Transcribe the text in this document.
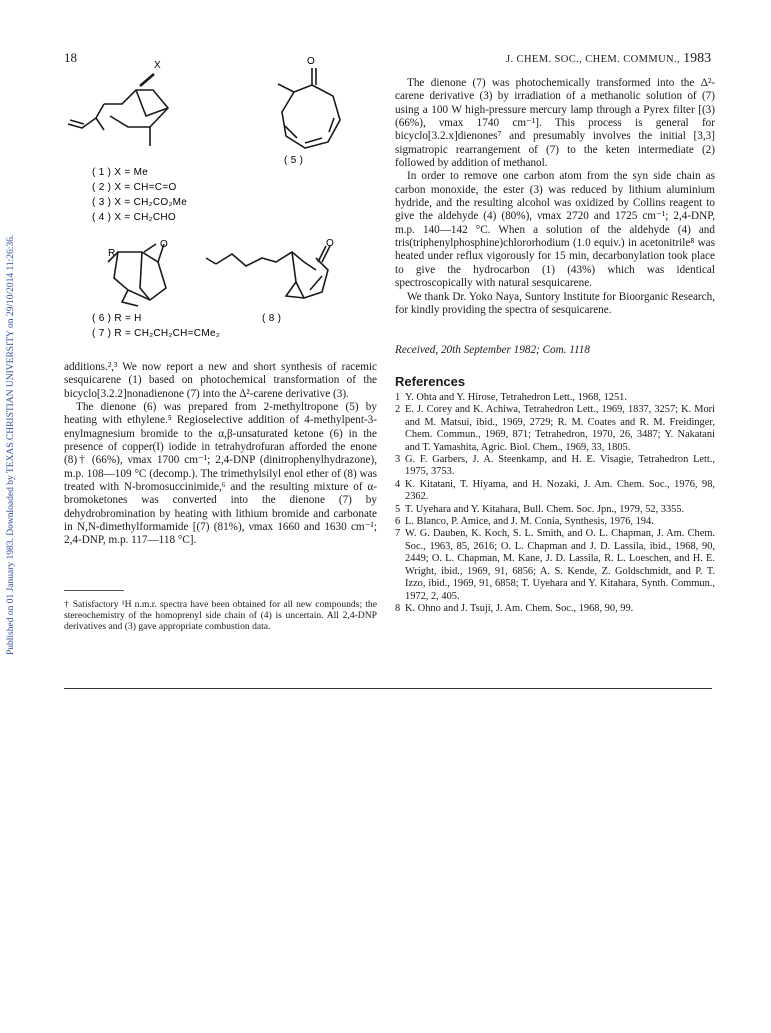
Published on 01 January 1983. Downloaded by TEXAS CHRISTIAN UNIVERSITY on 29/10/2014 11:26:36.
18	J. CHEM. SOC., CHEM. COMMUN., 1983
X	O
R
O	O
( 5 )
( 1 ) X = Me
( 2 ) X = CH=C=O
( 3 ) X = CH₂CO₂Me
( 4 ) X = CH₂CHO
( 6 ) R = H
( 7 ) R = CH₂CH₂CH=CMe₂
( 8 )

additions.²,³ We now report a new and short synthesis of racemic sesquicarene (1) based on photochemical transformation of the bicyclo[3.2.2]nonadienone (7) into the Δ²-carene derivative (3).

The dienone (6) was prepared from 2-methyltropone (5) by heating with ethylene.⁵ Regioselective addition of 4-methylpent-3-enylmagnesium bromide to the α,β-unsaturated ketone (6) in the presence of copper(I) iodide in tetrahydrofuran afforded the enone (8)† (66%), νmax 1700 cm⁻¹; 2,4-DNP (dinitrophenylhydrazone), m.p. 108—109 °C (decomp.). The trimethylsilyl enol ether of (8) was treated with N-bromosuccinimide,⁶ and the resulting mixture of α-bromoketones was converted into the dienone (7) by dehydrobromination by heating with lithium bromide and carbonate in N,N-dimethylformamide [(7) (81%), νmax 1660 and 1630 cm⁻¹; 2,4-DNP, m.p. 117—118 °C].

† Satisfactory ¹H n.m.r. spectra have been obtained for all new compounds; the stereochemistry of the homoprenyl side chain of (4) is uncertain. All 2,4-DNP derivatives and (3) gave appropriate combustion data.

The dienone (7) was photochemically transformed into the Δ²-carene derivative (3) by irradiation of a methanolic solution of (7) using a 100 W high-pressure mercury lamp through a Pyrex filter [(3) (66%), νmax 1740 cm⁻¹]. This process is general for bicyclo[3.2.x]dienones⁷ and presumably involves the initial [3,3] sigmatropic rearrangement of (7) to the keten intermediate (2) followed by addition of methanol.

In order to remove one carbon atom from the syn side chain as carbon monoxide, the ester (3) was reduced by lithium aluminium hydride, and the resulting alcohol was oxidized by Collins reagent to give the aldehyde (4) (80%), νmax 2720 and 1725 cm⁻¹; 2,4-DNP, m.p. 140—142 °C. When a solution of the aldehyde (4) and tris(triphenylphosphine)chlororhodium (1.0 equiv.) in acetonitrile⁸ was heated under reflux vigorously for 15 min, decarbonylation took place to give the hydrocarbon (1) (43%) which was identical spectroscopically with natural sesquicarene.

We thank Dr. Yoko Naya, Suntory Institute for Bioorganic Research, for kindly providing the spectra of sesquicarene.

Received, 20th September 1982; Com. 1118
References
1 Y. Ohta and Y. Hirose, Tetrahedron Lett., 1968, 1251.
2 E. J. Corey and K. Achiwa, Tetrahedron Lett., 1969, 1837, 3257; K. Mori and M. Matsui, ibid., 1969, 2729; R. M. Coates and R. M. Freidinger, Chem. Commun., 1969, 871; Tetrahedron, 1970, 26, 3487; Y. Nakatani and T. Yamashita, Agric. Biol. Chem., 1969, 33, 1805.
3 G. F. Garbers, J. A. Steenkamp, and H. E. Visagie, Tetrahedron Lett., 1975, 3753.
4 K. Kitatani, T. Hiyama, and H. Nozaki, J. Am. Chem. Soc., 1976, 98, 2362.
5 T. Uyehara and Y. Kitahara, Bull. Chem. Soc. Jpn., 1979, 52, 3355.
6 L. Blanco, P. Amice, and J. M. Conia, Synthesis, 1976, 194.
7 W. G. Dauben, K. Koch, S. L. Smith, and O. L. Chapman, J. Am. Chem. Soc., 1963, 85, 2616; O. L. Chapman and J. D. Lassila, ibid., 1968, 90, 2449; O. L. Chapman, M. Kane, J. D. Lassila, R. L. Loeschen, and H. E. Wright, ibid., 1969, 91, 6856; A. S. Kende, Z. Goldschmidt, and P. T. Izzo, ibid., 1969, 91, 6858; T. Uyehara and Y. Kitahara, Synth. Commun., 1972, 2, 405.
8 K. Ohno and J. Tsuji, J. Am. Chem. Soc., 1968, 90, 99.
